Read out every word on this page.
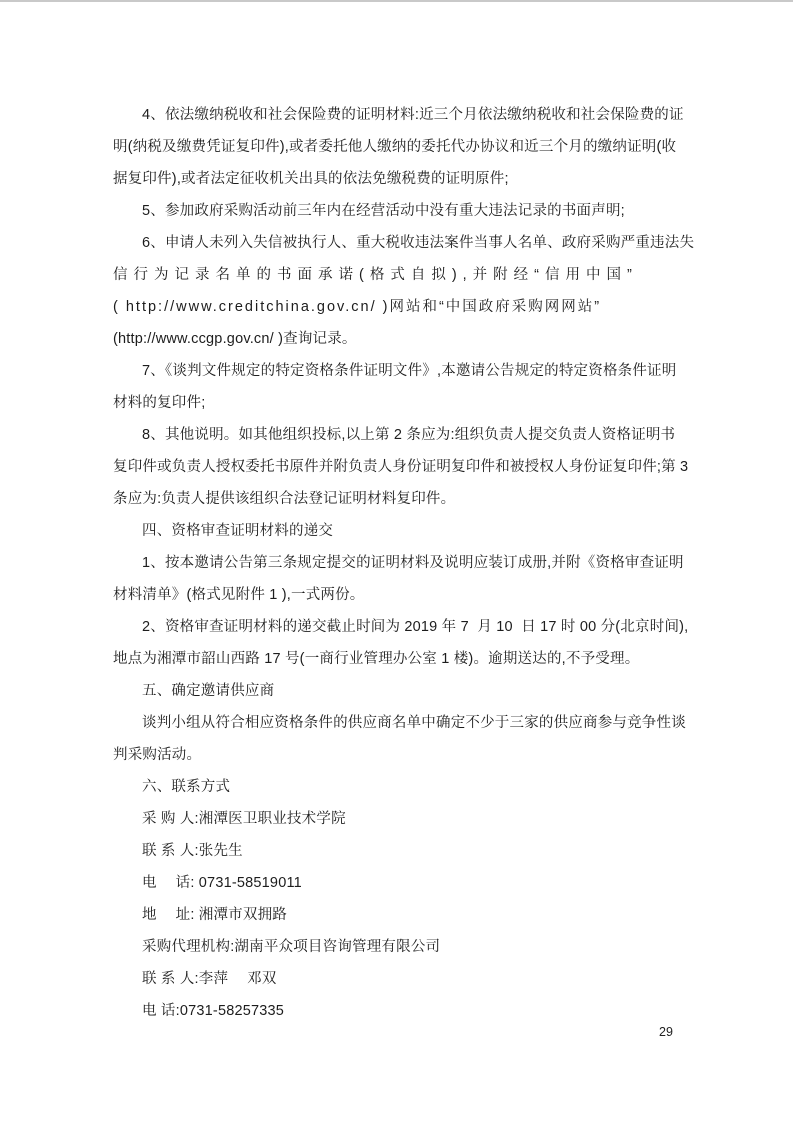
4、依法缴纳税收和社会保险费的证明材料:近三个月依法缴纳税收和社会保险费的证
明(纳税及缴费凭证复印件),或者委托他人缴纳的委托代办协议和近三个月的缴纳证明(收
据复印件),或者法定征收机关出具的依法免缴税费的证明原件;
5、参加政府采购活动前三年内在经营活动中没有重大违法记录的书面声明;
6、申请人未列入失信被执行人、重大税收违法案件当事人名单、政府采购严重违法失
信行为记录名单的书面承诺(格式自拟),并附经“信用中国”
( http://www.creditchina.gov.cn/ )网站和“中国政府采购网网站”
(http://www.ccgp.gov.cn/ )查询记录。
7、《谈判文件规定的特定资格条件证明文件》,本邀请公告规定的特定资格条件证明
材料的复印件;
8、其他说明。如其他组织投标,以上第 2 条应为:组织负责人提交负责人资格证明书
复印件或负责人授权委托书原件并附负责人身份证明复印件和被授权人身份证复印件;第 3
条应为:负责人提供该组织合法登记证明材料复印件。
四、资格审查证明材料的递交
1、按本邀请公告第三条规定提交的证明材料及说明应装订成册,并附《资格审查证明
材料清单》(格式见附件 1 ),一式两份。
2、资格审查证明材料的递交截止时间为 2019 年 7  月 10  日 17 时 00 分(北京时间),
地点为湘潭市韶山西路 17 号(一商行业管理办公室 1 楼)。逾期送达的,不予受理。
五、确定邀请供应商
谈判小组从符合相应资格条件的供应商名单中确定不少于三家的供应商参与竞争性谈
判采购活动。
六、联系方式
采 购 人:湘潭医卫职业技术学院
联 系 人:张先生
电　 话: 0731-58519011
地　 址: 湘潭市双拥路
采购代理机构:湖南平众项目咨询管理有限公司
联 系 人:李萍　 邓双
电 话:0731-58257335
29
